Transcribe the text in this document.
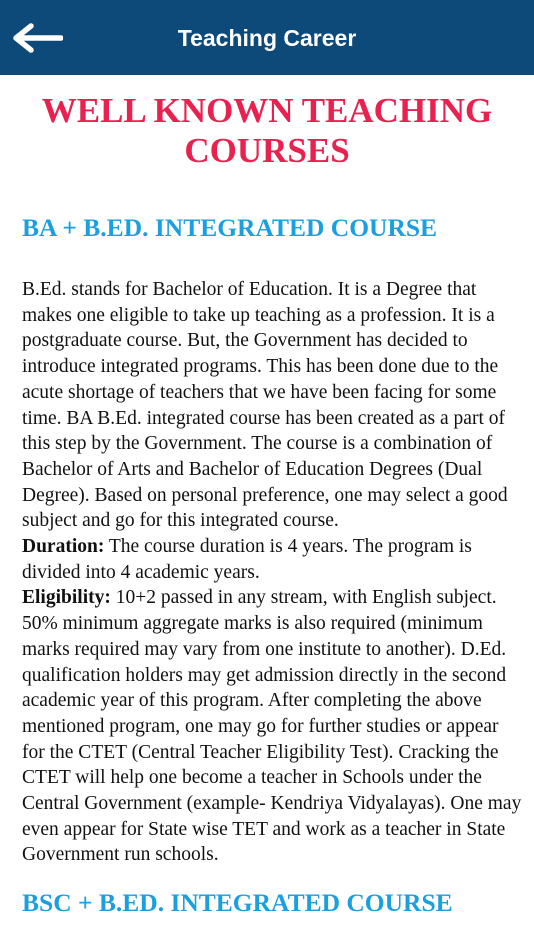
Teaching Career
WELL KNOWN TEACHING
COURSES
BA + B.ED. INTEGRATED COURSE

B.Ed. stands for Bachelor of Education. It is a Degree that makes one eligible to take up teaching as a profession. It is a postgraduate course. But, the Government has decided to introduce integrated programs. This has been done due to the acute shortage of teachers that we have been facing for some time. BA B.Ed. integrated course has been created as a part of this step by the Government. The course is a combination of Bachelor of Arts and Bachelor of Education Degrees (Dual Degree). Based on personal preference, one may select a good subject and go for this integrated course.

Duration: The course duration is 4 years. The program is divided into 4 academic years.

Eligibility: 10+2 passed in any stream, with English subject. 50% minimum aggregate marks is also required (minimum marks required may vary from one institute to another). D.Ed. qualification holders may get admission directly in the second academic year of this program. After completing the above mentioned program, one may go for further studies or appear for the CTET (Central Teacher Eligibility Test). Cracking the CTET will help one become a teacher in Schools under the Central Government (example- Kendriya Vidyalayas). One may even appear for State wise TET and work as a teacher in State Government run schools.

BSC + B.ED. INTEGRATED COURSE
